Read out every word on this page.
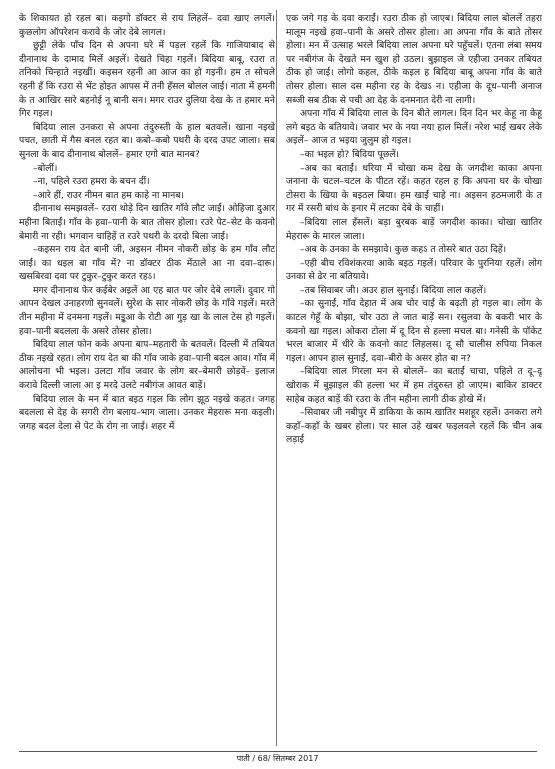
के शिकायत हो रहल बा। कइगो डॉक्टर से राय लिहलें– दवा खाए लगलें। कुछलोग ऑपरेशन करावे के जोर देबे लागल।

छुट्टी लेके पाँच दिन से अपना घरे में पड़ल रहलें कि गाजियाबाद से दीनानाथ के दामाद मिलें अइलें। देखते चिहा गइलें। बिदिया बाबू, रउरा त तनिको चिन्हाते नइखीं। कइसन रहनी आ आज का हो गइनी। हम त सोचले रहनी हँ कि रउरा से भेंट होइत आपस में तनी हँसल बोलल जाई। नाता में हमनी के त आखिर सारे बहनोई नू बानी सन। मगर राउर दुलिया देख के त हमार मने गिर गइल।

बिदिया लाल उनकरा से अपना तंदुरुस्ती के हाल बतवलें। खाना नइखे पचत, छाती में गैस बनल रहत बा। कबो–कबो पथरी के दरद उपट जाला। सब सुनला के बाद दीनानाथ बोललें– हमार एगो बात मानब?

–बोलीं।

–ना, पहिले रउरा हमरा के बचन दीं।

–आरे हीं, राउर नीमन बात हम काहे ना मानब।

दीनानाथ समझवलें– रउरा थोड़े दिन खातिर गाँवे लौट जाईं। ओहिजा दुआर महीना बिताईं। गाँव के हवा–पानी के बात तोसर होला। रउरे पेट–सेट के कवनो बेमारी ना रही। भगवान चाहिहें त रउरे पथरी के दरदो बिला जाई।

–कइसन राय देत बानी जी, अइसन नीमन नोकरी छोड़ के हम गाँव लौट जाईं। का धइल बा गाँव में? ना डॉक्टर ठीक मेंठाले आ ना दवा–दारू। खसबिरवा दवा पर टुकुर–टुकुर करत रहऽ।

मगर दीनानाथ फेर कईबेर अइलें आ एह बात पर जोर देबे लगलें। दुवार गो आपन देखल उनाहरणो सुनवलें। सुरेश के सार नोकरी छोड़ के गाँवे गइलें। मरते तीन महीना में दनमना गइलें। मइुआ के रोटी आ गुड़ खा के लाल टेस हो गइलें। हवा–पानी बदलला के असरे तोसर होला।

बिदिया लाल फोन कके अपना बाप–महतारी के बतवलें। दिल्ली में तबियत ठीक नइखे रहत। लोग राय देत बा की गाँव जाके हवा–पानी बदल आव। गाँव में आलोचना भी भइल। उलटा गाँव जवार के लोग बर–बेमारी छोड़वें– इलाज करावे दिल्ली जाला आ इ मरदे उलटे नबीगंज आवत बाड़ें।

बिदिया लाल के मन में बात बइठ गइल कि लोग झूठ नइखे कहत। जगह बदलला से देह के सगरी रोग बलाय–भाग जाला। उनकर मेहरारू मना कइली। जगह बदल देला से पेट के रोग ना जाई। शहर में

एक जगे गड़ के दवा कराईं। रउरा ठीक हो जाएब। बिदिया लाल बोललें तहरा मालूम नइखे हवा–पानी के असरे तोसर होला। आ अपना गाँव के बाते तोसर होला। मन में उत्साह भरले बिदिया लाल अपना घरे पहुँचलें। एतना लंबा समय पर नबीगंज के देखते मन खुश हो उठल। बुझाइल जे एहीजा उनकर तबियत ठीक हो जाई। लोगो कहल, ठीके कइल ह बिदिया बाबू अपना गाँव के बाते तोसर होला। साल दस महीना रह के देखऽ न। एहीजा के दूध–पानी अनाज सब्जी सब ठीक से पची आ देह के दनमनात देरी ना लागी।

अपना गाँव में बिदिया लाल के दिन बीते लागल। दिन दिन भर केहू ना केहू लगे बइठ के बतियावे। जवार भर के नया नया हाल मिलें। नरेश भाई खबर लेके अइलें– आज त भइया जुलुम हो गइल।

–का भइल हो? बिदिया पूछलें।

–अब का बताईं। धरिया में चोखा कम देख के जगदीश काका अपना जनाना के चटल–चटल के पीटत रहें। कहत रहल ह कि अपना घर के चोखा टोसरा के खिया के बइठल बिया। हम खाईं चाहे ना। अइसन हठमजारी के त गर में रसरी बांध के इनार में लटका देबे के चाहीं।

–बिदिया लाल हँसलें। बड़ा बुरबक बाड़ें जगदीश काका। चोखा खातिर मेहरारू के मारल जाला।

–अब के उनका के समझावे। कुछ कहऽ त तोसरे बात उठा दिहें।

–एही बीच रविशंकरवा आके बइठ गइलें। परिवार के पुरनिया रहलें। लोग उनका से ढेर ना बतियावे।

–तब सिवाबर जी। अउर हाल सुनाईं। बिदिया लाल कहलें।

–का सुनाईं, गाँव देहात में अब चोर चाई के बढ़ती हो गइल बा। लोग के काटल गेहूँ के बोझा, चोर उठा ले जात बाड़ें सन। रसुलवा के बकरी भार के कवनो खा गइल। ओकरा टोला में दू दिन से हल्ला मचल बा। गनेसी के पॉकेट भरल बाजार में धीरे के कवनो काट लिहलस। दू सौ चालीस रुपिया निकल गइल। आपन हाल सुनाईं, दवा–बीरो के असर होत बा न?

–बिदिया लाल गिरला मन से बोललें– का बताईं चाचा, पहिले त दू–दू खोराक में बुझाइल की हल्ला भर में हम तंदुरुस्त हो जाएम। बाकिर डाक्टर साहेब कहत बाड़ें की रउरा के तीन महीना लागी ठीक होखे में।

–सिवाबर जी नबीपुर में डाकिया के काम खातिर मशहूर रहलें। उनकरा लगे कहाँ–कहाँ के खबर होला। पर साल उहे खबर फइलवले रहलें कि चीन अब लड़ाई

पाती / 68/ सितम्बर 2017
